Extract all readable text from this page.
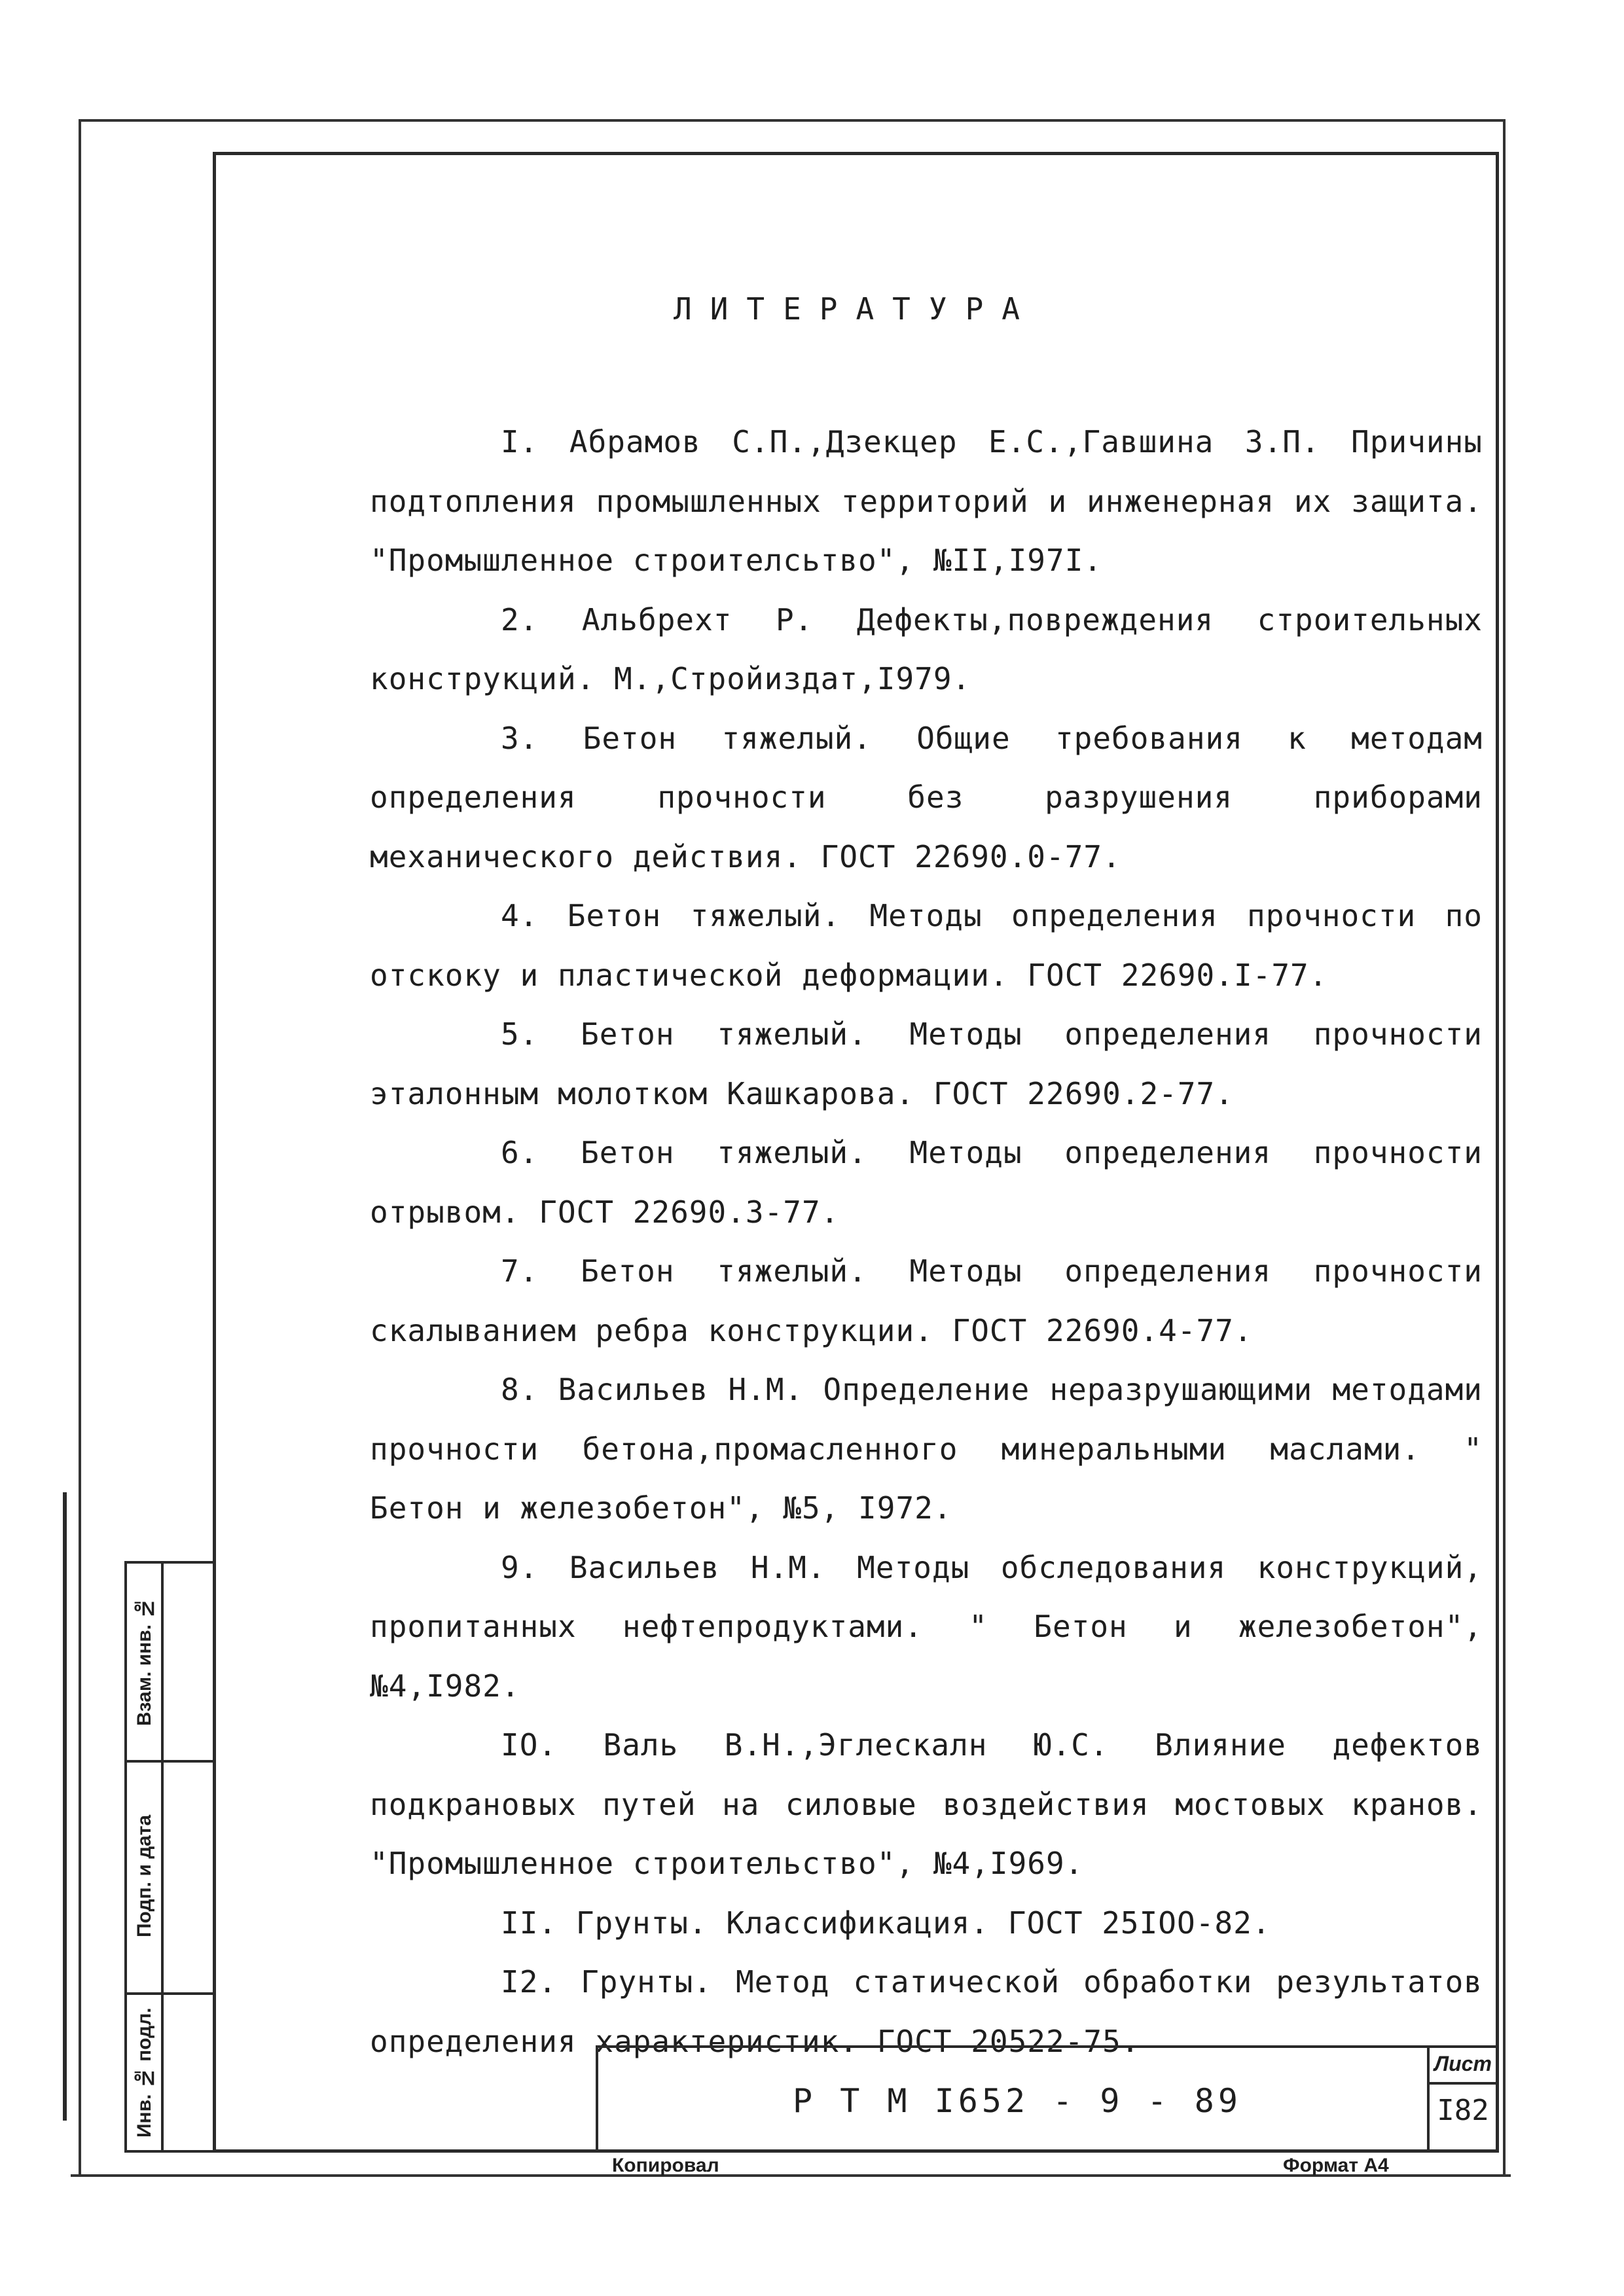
ЛИТЕРАТУРА
I. Абрамов С.П.,Дзекцер Е.С.,Гавшина З.П. Причины подтопления промышленных территорий и инженерная их защита. "Промышленное строителсьтво", №II,I97I.
2. Альбрехт Р. Дефекты,повреждения строительных конструкций. М.,Стройиздат,I979.
3. Бетон тяжелый. Общие требования к методам определения прочности без разрушения приборами механического действия. ГОСТ 22690.0-77.
4. Бетон тяжелый. Методы определения прочности по отскоку и пластической деформации. ГОСТ 22690.I-77.
5. Бетон тяжелый. Методы определения прочности эталонным молотком Кашкарова. ГОСТ 22690.2-77.
6. Бетон тяжелый. Методы определения прочности отрывом. ГОСТ 22690.3-77.
7. Бетон тяжелый. Методы определения прочности скалыванием ребра конструкции. ГОСТ 22690.4-77.
8. Васильев Н.М. Определение неразрушающими методами прочности бетона,промасленного минеральными маслами. " Бетон и железобетон", №5, I972.
9. Васильев Н.М. Методы обследования конструкций, пропитанных нефтепродуктами. " Бетон и железобетон",№4,I982.
IO. Валь В.Н.,Эглескалн Ю.С. Влияние дефектов подкрановых путей на силовые воздействия мостовых кранов. "Промышленное строительство", №4,I969.
II. Грунты. Классификация. ГОСТ 25IOO-82.
I2. Грунты. Метод статической обработки результатов определения характеристик. ГОСТ 20522-75.
Взам. инв. №
Подп. и дата
Инв. № подл.	Р Т М I652 - 9 - 89
Лист
I82
Копировал	Формат А4
